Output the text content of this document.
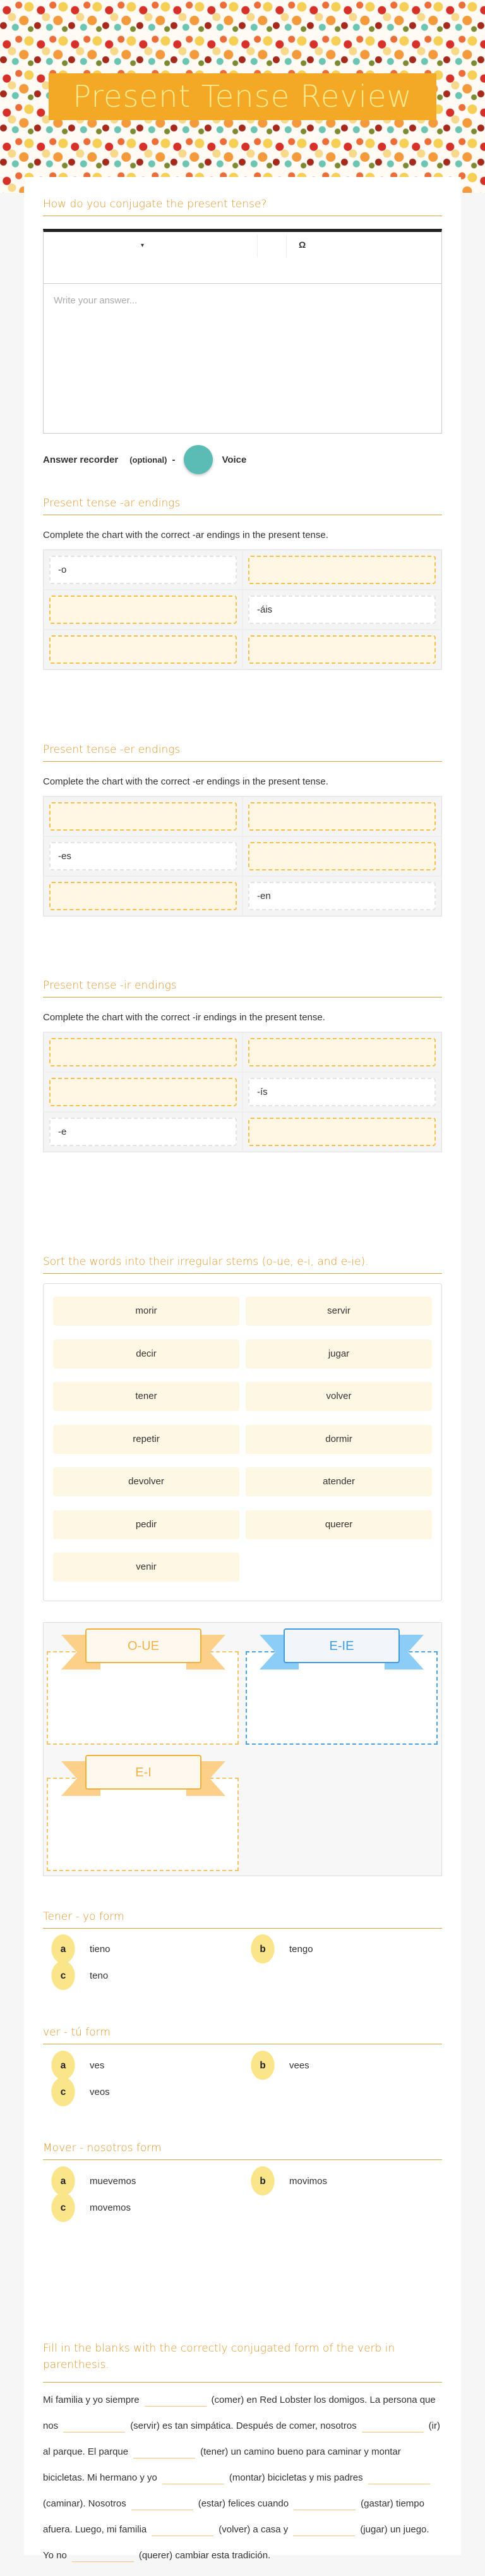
Present Tense Review
How do you conjugate the present tense?
▾	Ω
Write your answer...
Answer recorder	(optional) -	Voice
Present tense -ar endings
Complete the chart with the correct -ar endings in the present tense.
-o
-áis
Present tense -er endings
Complete the chart with the correct -er endings in the present tense.
-es
-en
Present tense -ir endings
Complete the chart with the correct -ir endings in the present tense.
-ís
-e
Sort the words into their irregular stems (o-ue, e-i, and e-ie).
morir	servir
decir	jugar
tener	volver
repetir	dormir
devolver	atender
pedir	querer
venir
O-UE	E-IE
E-I
Tener - yo form
a	tieno	b	tengo
c	teno
ver - tú form
a	ves	b	vees
c	veos
Mover - nosotros form
a	muevemos	b	movimos
c	movemos
Fill in the blanks with the correctly conjugated form of the verb in parenthesis.
Mi familia y yo siempre	(comer) en Red Lobster los domigos. La persona que nos	(servir) es tan simpática. Después de comer, nosotros	(ir) al parque. El parque	(tener) un camino bueno para caminar y montar bicicletas. Mi hermano y yo	(montar) bicicletas y mis padres(caminar). Nosotros	(estar) felices cuando	(gastar) tiempo afuera. Luego, mi familia	(volver) a casa y	(jugar) un juego. Yo no	(querer) cambiar esta tradición.
